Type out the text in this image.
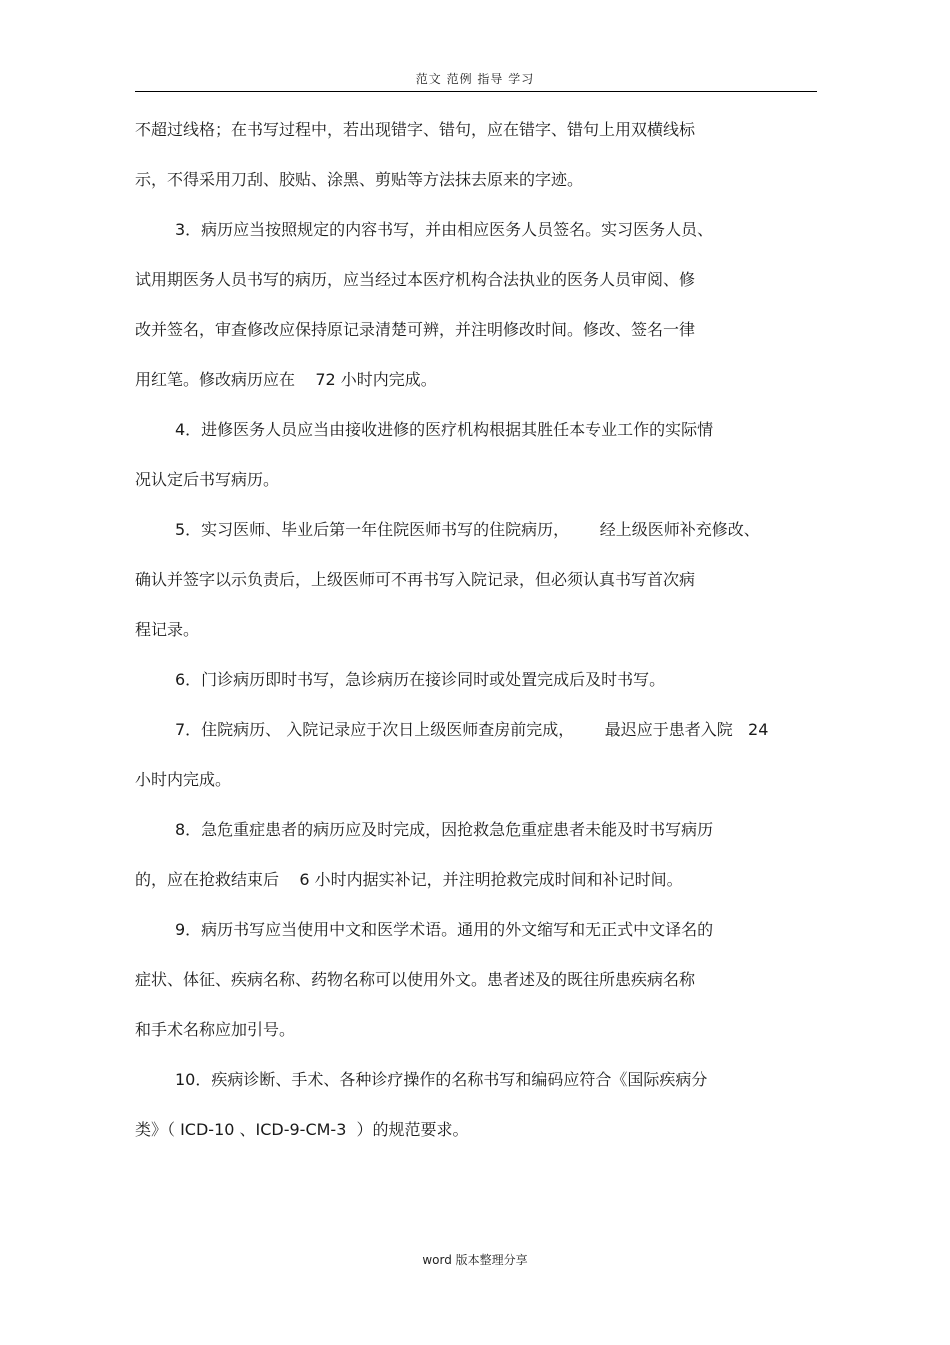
范文 范例 指导 学习
不超过线格；在书写过程中，若出现错字、错句，应在错字、错句上用双横线标
示，不得采用刀刮、胶贴、涂黑、剪贴等方法抹去原来的字迹。
3．病历应当按照规定的内容书写，并由相应医务人员签名。实习医务人员、
试用期医务人员书写的病历，应当经过本医疗机构合法执业的医务人员审阅、修
改并签名，审查修改应保持原记录清楚可辨，并注明修改时间。修改、签名一律
用红笔。修改病历应在    72 小时内完成。
4．进修医务人员应当由接收进修的医疗机构根据其胜任本专业工作的实际情
况认定后书写病历。
5．实习医师、毕业后第一年住院医师书写的住院病历，      经上级医师补充修改、
确认并签字以示负责后，上级医师可不再书写入院记录，但必须认真书写首次病
程记录。
6．门诊病历即时书写，急诊病历在接诊同时或处置完成后及时书写。
7．住院病历、 入院记录应于次日上级医师查房前完成，      最迟应于患者入院   24
小时内完成。
8．急危重症患者的病历应及时完成，因抢救急危重症患者未能及时书写病历
的，应在抢救结束后    6 小时内据实补记，并注明抢救完成时间和补记时间。
9．病历书写应当使用中文和医学术语。通用的外文缩写和无正式中文译名的
症状、体征、疾病名称、药物名称可以使用外文。患者述及的既往所患疾病名称
和手术名称应加引号。
10．疾病诊断、手术、各种诊疗操作的名称书写和编码应符合《国际疾病分
类》（ ICD-10 、ICD-9-CM-3  ）的规范要求。
word 版本整理分享
